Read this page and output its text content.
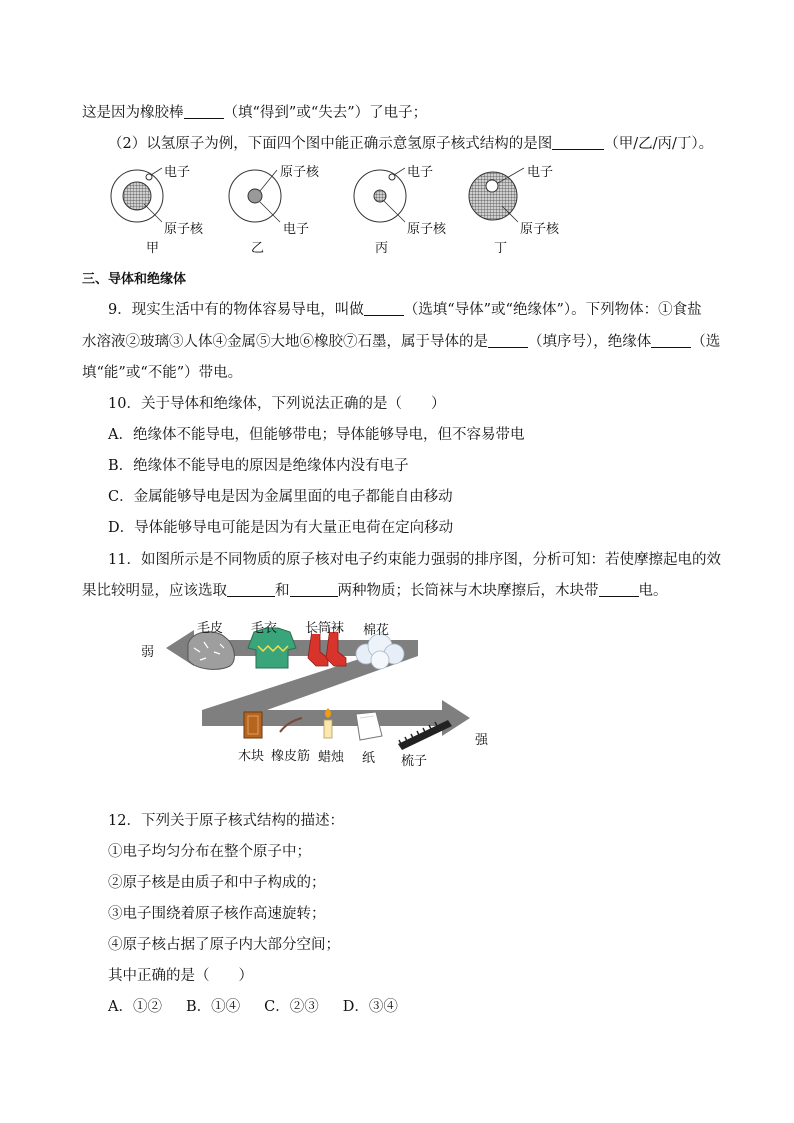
这是因为橡胶棒	（填“得到”或“失去”）了电子；
（2）以氢原子为例，下面四个图中能正确示意氢原子核式结构的是图	（甲/乙/丙/丁）。
电子
原子核
甲
原子核
电子
乙
电子
原子核
丙
电子
原子核
丁
三、导体和绝缘体
9．现实生活中有的物体容易导电，叫做	（选填“导体”或“绝缘体”）。下列物体：①食盐
水溶液②玻璃③人体④金属⑤大地⑥橡胶⑦石墨，属于导体的是	（填序号），绝缘体	（选
填“能”或“不能”）带电。
10．关于导体和绝缘体，下列说法正确的是（　　）
A．绝缘体不能导电，但能够带电；导体能够导电，但不容易带电
B．绝缘体不能导电的原因是绝缘体内没有电子
C．金属能够导电是因为金属里面的电子都能自由移动
D．导体能够导电可能是因为有大量正电荷在定向移动
11．如图所示是不同物质的原子核对电子约束能力强弱的排序图，分析可知：若使摩擦起电的效
果比较明显，应该选取	和	两种物质；长筒袜与木块摩擦后，木块带	电。
弱
强
毛皮 毛衣 长筒袜 棉花
木块 橡皮筋 蜡烛 纸 梳子
12．下列关于原子核式结构的描述：
①电子均匀分布在整个原子中；
②原子核是由质子和中子构成的；
③电子围绕着原子核作高速旋转；
④原子核占据了原子内大部分空间；
其中正确的是（　　）
A．①② B．①④ C．②③ D．③④
